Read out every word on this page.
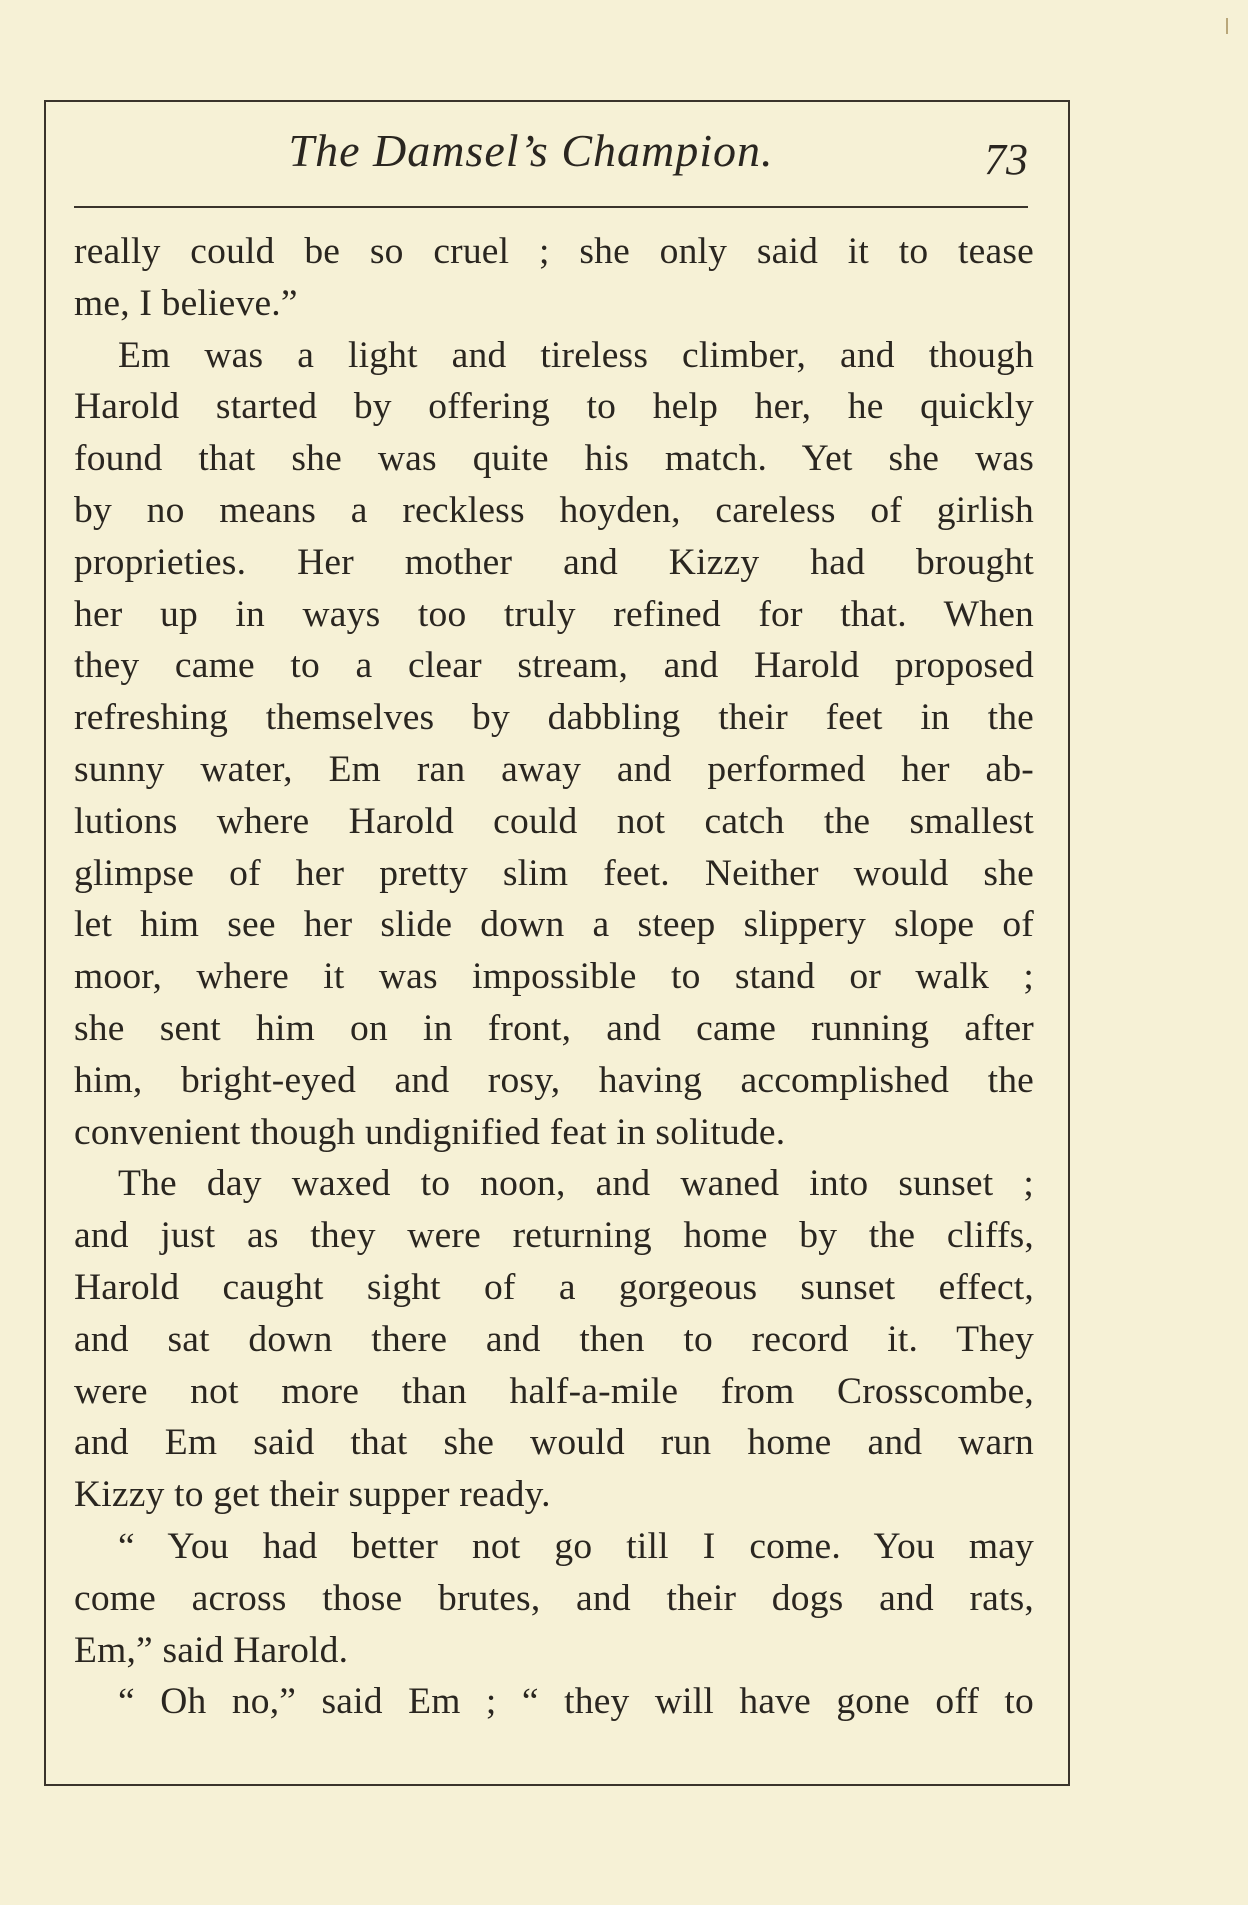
The Damsel’s Champion.	73
really could be so cruel ; she only said it to tease
me, I believe.”
Em was a light and tireless climber, and though
Harold started by offering to help her, he quickly
found that she was quite his match. Yet she was
by no means a reckless hoyden, careless of girlish
proprieties. Her mother and Kizzy had brought
her up in ways too truly refined for that. When
they came to a clear stream, and Harold proposed
refreshing themselves by dabbling their feet in the
sunny water, Em ran away and performed her ab-
lutions where Harold could not catch the smallest
glimpse of her pretty slim feet. Neither would she
let him see her slide down a steep slippery slope of
moor, where it was impossible to stand or walk ;
she sent him on in front, and came running after
him, bright-eyed and rosy, having accomplished the
convenient though undignified feat in solitude.
The day waxed to noon, and waned into sunset ;
and just as they were returning home by the cliffs,
Harold caught sight of a gorgeous sunset effect,
and sat down there and then to record it. They
were not more than half-a-mile from Crosscombe,
and Em said that she would run home and warn
Kizzy to get their supper ready.
“ You had better not go till I come. You may
come across those brutes, and their dogs and rats,
Em,” said Harold.
“ Oh no,” said Em ; “ they will have gone off to
